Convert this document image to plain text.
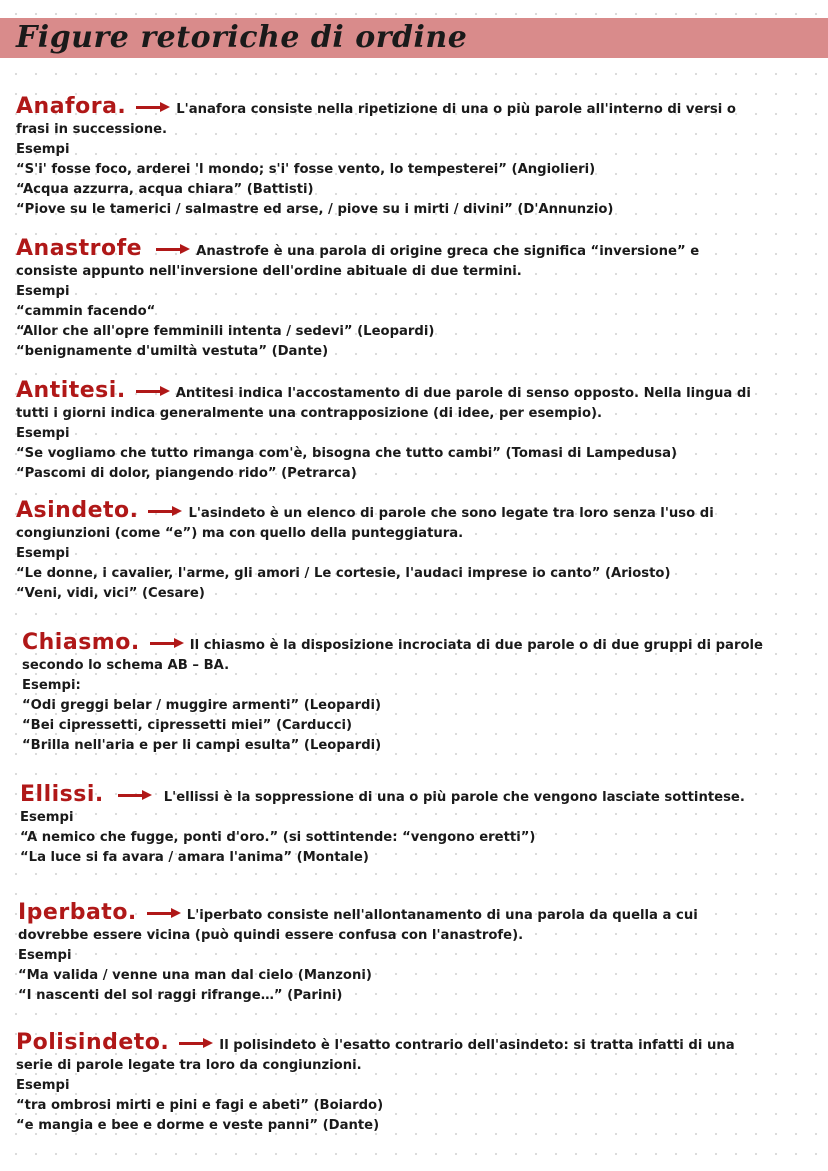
Figure retoriche di ordine
Anafora.	L'anafora consiste nella ripetizione di una o più parole all'interno di versi o
frasi in successione.
Esempi
“S'i' fosse foco, arderei 'l mondo; s'i' fosse vento, lo tempesterei” (Angiolieri)
“Acqua azzurra, acqua chiara” (Battisti)
“Piove su le tamerici / salmastre ed arse, / piove su i mirti / divini” (D'Annunzio)
Anastrofe	Anastrofe è una parola di origine greca che significa “inversione” e
consiste appunto nell'inversione dell'ordine abituale di due termini.
Esempi
“cammin facendo“
“Allor che all'opre femminili intenta / sedevi” (Leopardi)
“benignamente d'umiltà vestuta” (Dante)
Antitesi.	Antitesi indica l'accostamento di due parole di senso opposto. Nella lingua di
tutti i giorni indica generalmente una contrapposizione (di idee, per esempio).
Esempi
“Se vogliamo che tutto rimanga com'è, bisogna che tutto cambi” (Tomasi di Lampedusa)
“Pascomi di dolor, piangendo rido” (Petrarca)
Asindeto.	L'asindeto è un elenco di parole che sono legate tra loro senza l'uso di
congiunzioni (come “e”) ma con quello della punteggiatura.
Esempi
“Le donne, i cavalier, l'arme, gli amori / Le cortesie, l'audaci imprese io canto” (Ariosto)
“Veni, vidi, vici” (Cesare)
Chiasmo.	Il chiasmo è la disposizione incrociata di due parole o di due gruppi di parole
secondo lo schema AB – BA.
Esempi:
“Odi greggi belar / muggire armenti” (Leopardi)
“Bei cipressetti, cipressetti miei” (Carducci)
“Brilla nell'aria e per li campi esulta” (Leopardi)
Ellissi.	L'ellissi è la soppressione di una o più parole che vengono lasciate sottintese.
Esempi
“A nemico che fugge, ponti d'oro.” (si sottintende: “vengono eretti”)
“La luce si fa avara / amara l'anima” (Montale)
Iperbato.	L'iperbato consiste nell'allontanamento di una parola da quella a cui
dovrebbe essere vicina (può quindi essere confusa con l'anastrofe).
Esempi
“Ma valida / venne una man dal cielo (Manzoni)
“I nascenti del sol raggi rifrange…” (Parini)
Polisindeto.	Il polisindeto è l'esatto contrario dell'asindeto: si tratta infatti di una
serie di parole legate tra loro da congiunzioni.
Esempi
“tra ombrosi mirti e pini e fagi e abeti” (Boiardo)
“e mangia e bee e dorme e veste panni” (Dante)
